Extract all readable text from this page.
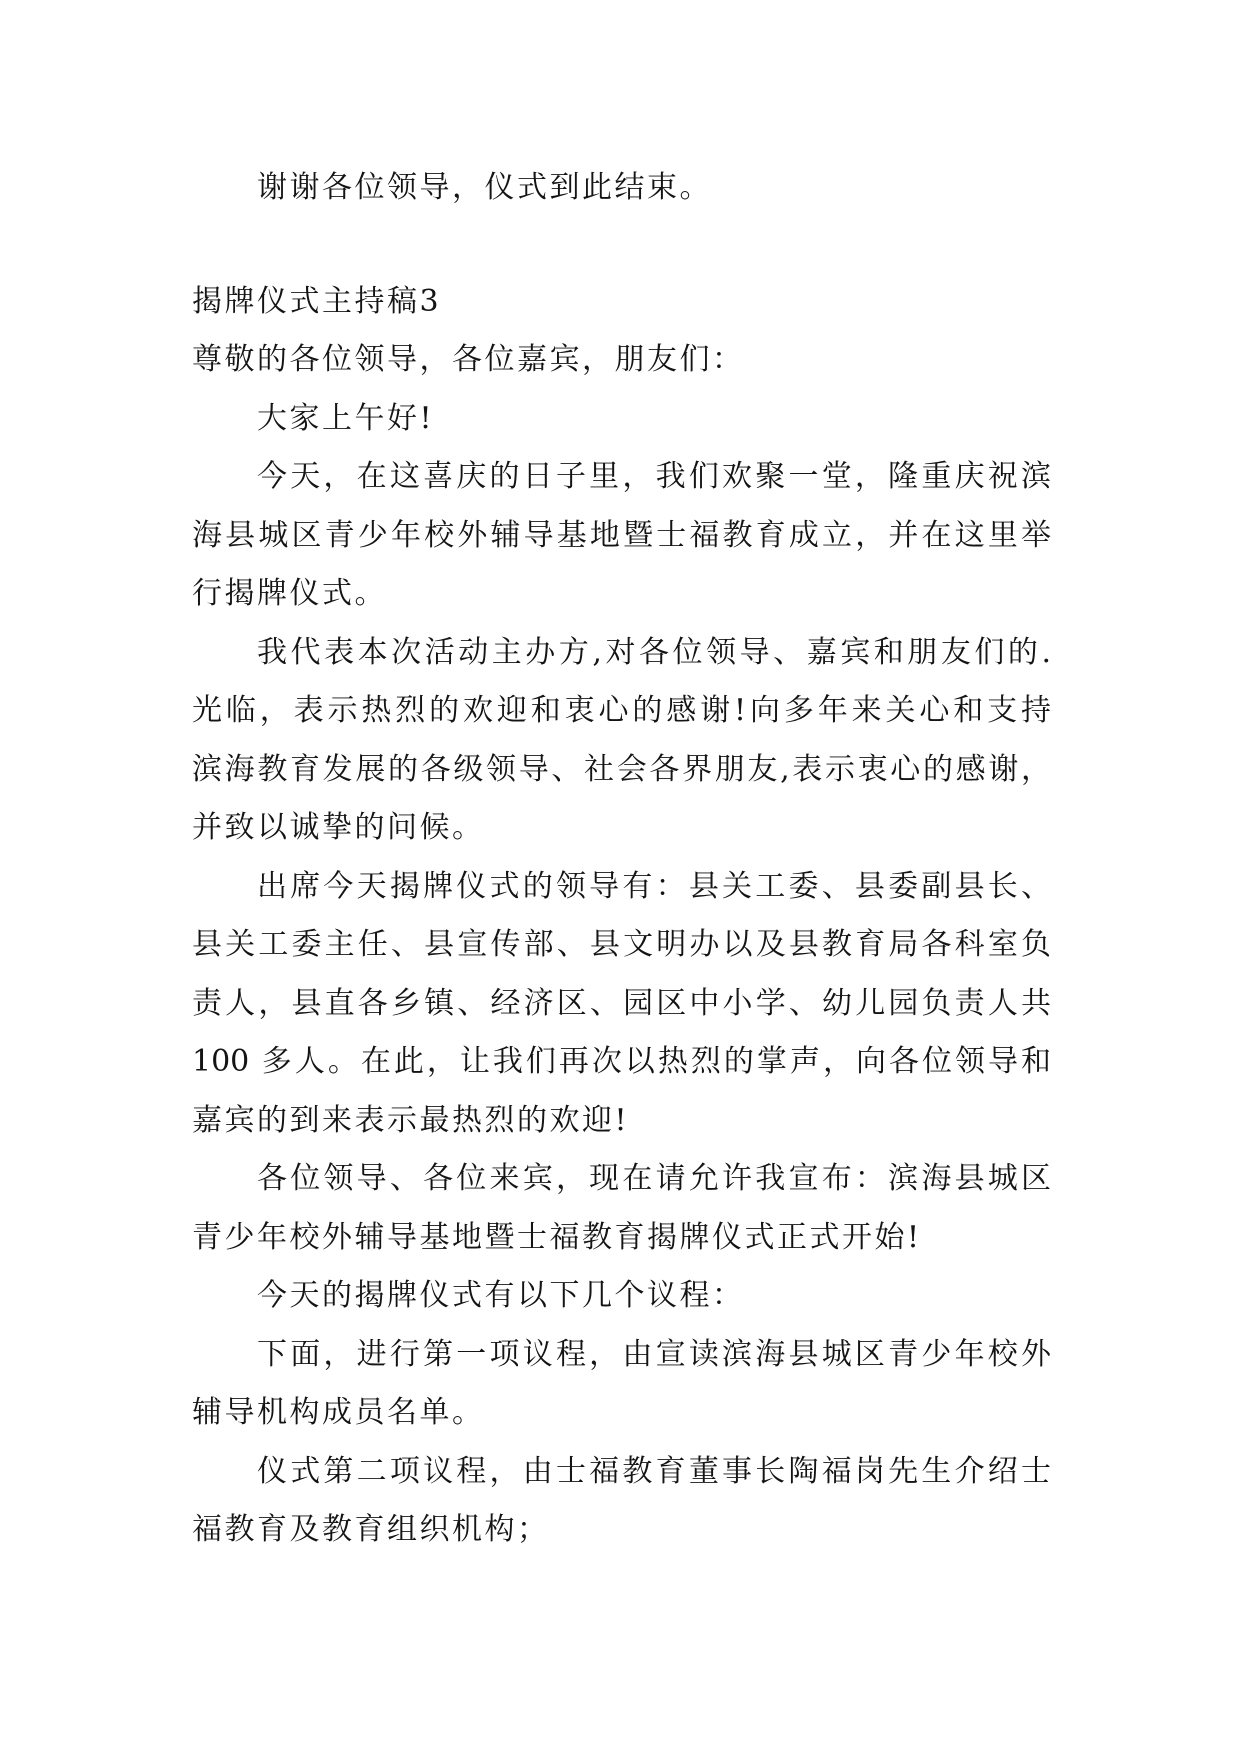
谢谢各位领导，仪式到此结束。
揭牌仪式主持稿3
尊敬的各位领导，各位嘉宾，朋友们：
大家上午好!
今天，在这喜庆的日子里，我们欢聚一堂，隆重庆祝滨
海县城区青少年校外辅导基地暨士福教育成立，并在这里举
行揭牌仪式。
我代表本次活动主办方,对各位领导、嘉宾和朋友们的.
光临，表示热烈的欢迎和衷心的感谢!向多年来关心和支持
滨海教育发展的各级领导、社会各界朋友,表示衷心的感谢，
并致以诚挚的问候。
出席今天揭牌仪式的领导有：县关工委、县委副县长、
县关工委主任、县宣传部、县文明办以及县教育局各科室负
责人，县直各乡镇、经济区、园区中小学、幼儿园负责人共
100 多人。在此，让我们再次以热烈的掌声，向各位领导和
嘉宾的到来表示最热烈的欢迎!
各位领导、各位来宾，现在请允许我宣布：滨海县城区
青少年校外辅导基地暨士福教育揭牌仪式正式开始!
今天的揭牌仪式有以下几个议程：
下面，进行第一项议程，由宣读滨海县城区青少年校外
辅导机构成员名单。
仪式第二项议程，由士福教育董事长陶福岗先生介绍士
福教育及教育组织机构；
